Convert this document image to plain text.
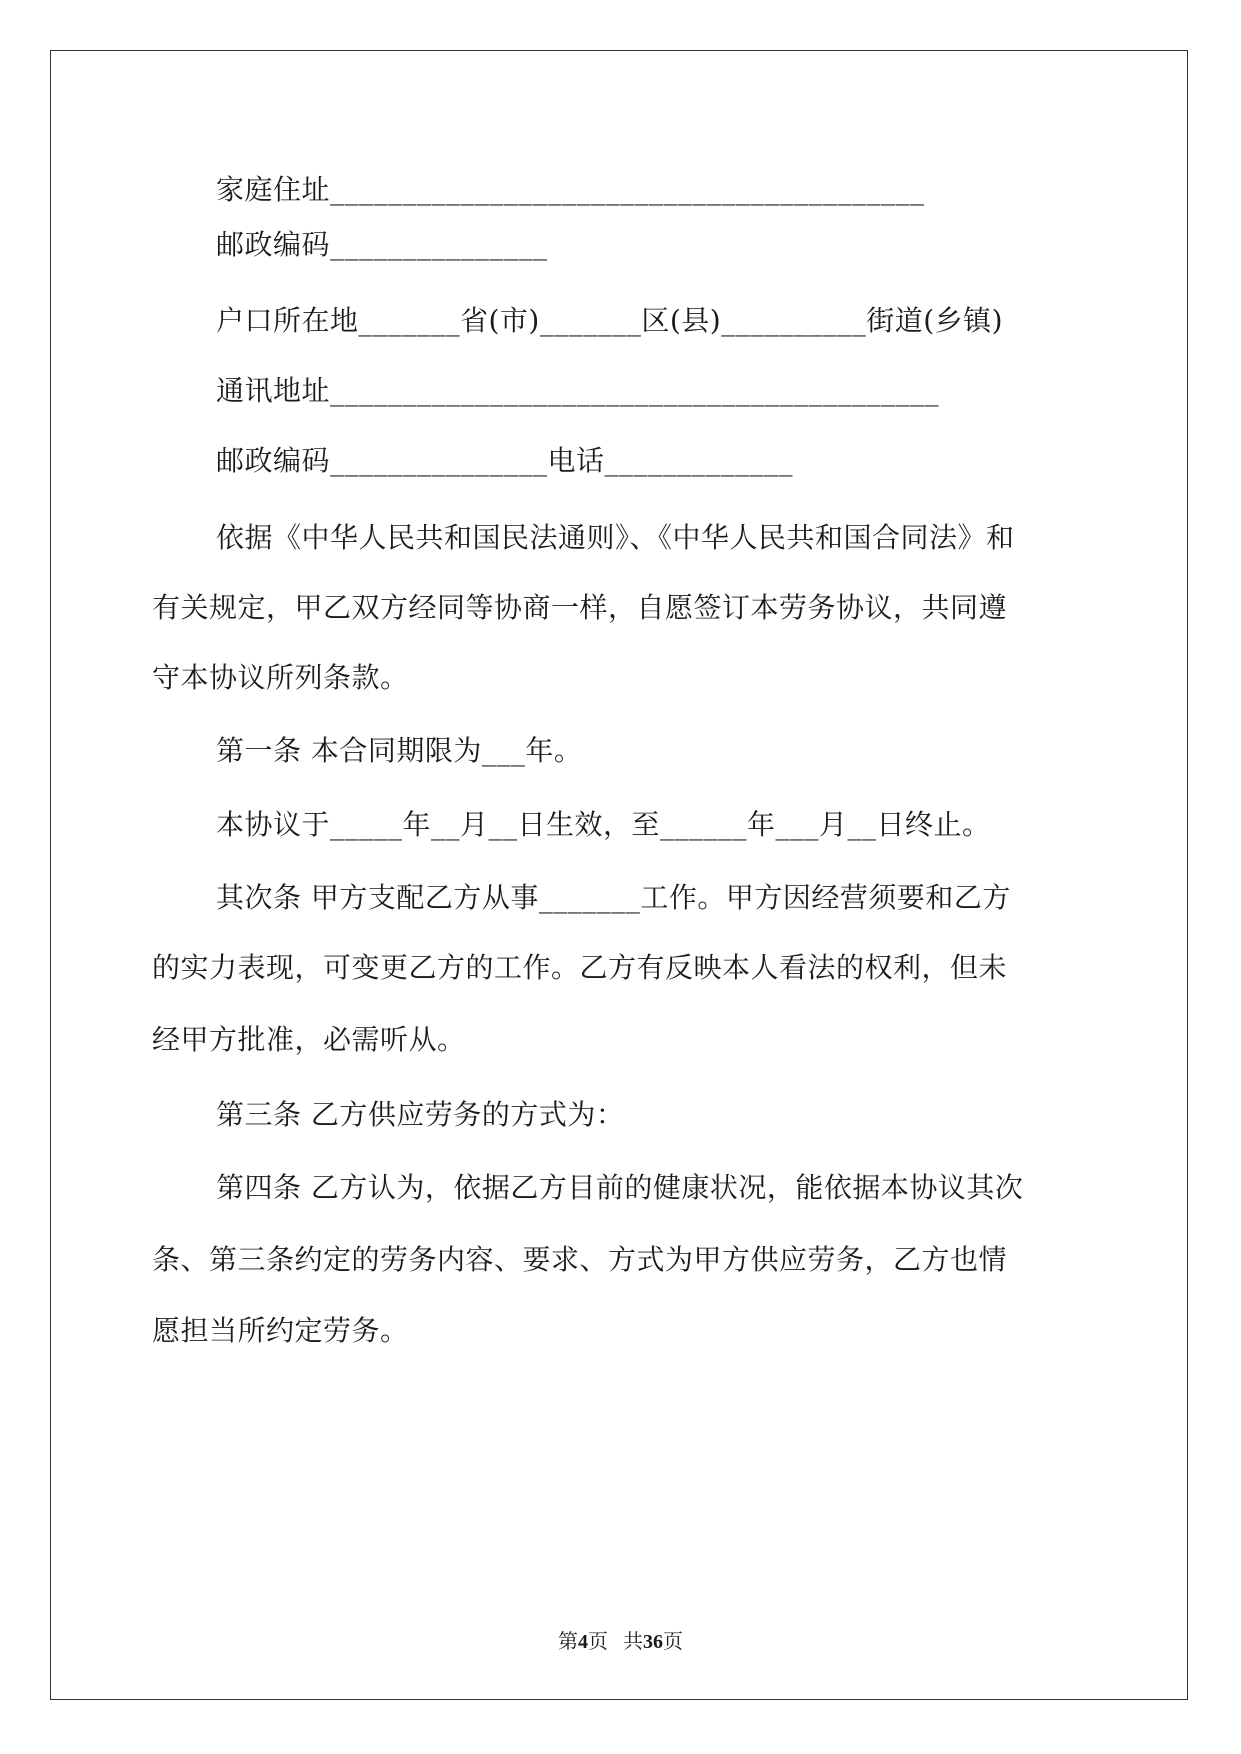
家庭住址_________________________________________
邮政编码_______________
户口所在地_______省(市)_______区(县)__________街道(乡镇)
通讯地址__________________________________________
邮政编码_______________电话_____________
依据《中华人民共和国民法通则》、《中华人民共和国合同法》和
有关规定，甲乙双方经同等协商一样，自愿签订本劳务协议，共同遵
守本协议所列条款。
第一条 本合同期限为___年。
本协议于_____年__月__日生效，至______年___月__日终止。
其次条 甲方支配乙方从事_______工作。甲方因经营须要和乙方
的实力表现，可变更乙方的工作。乙方有反映本人看法的权利，但未
经甲方批准，必需听从。
第三条 乙方供应劳务的方式为：
第四条 乙方认为，依据乙方目前的健康状况，能依据本协议其次
条、第三条约定的劳务内容、要求、方式为甲方供应劳务，乙方也情
愿担当所约定劳务。
第4页 共36页
